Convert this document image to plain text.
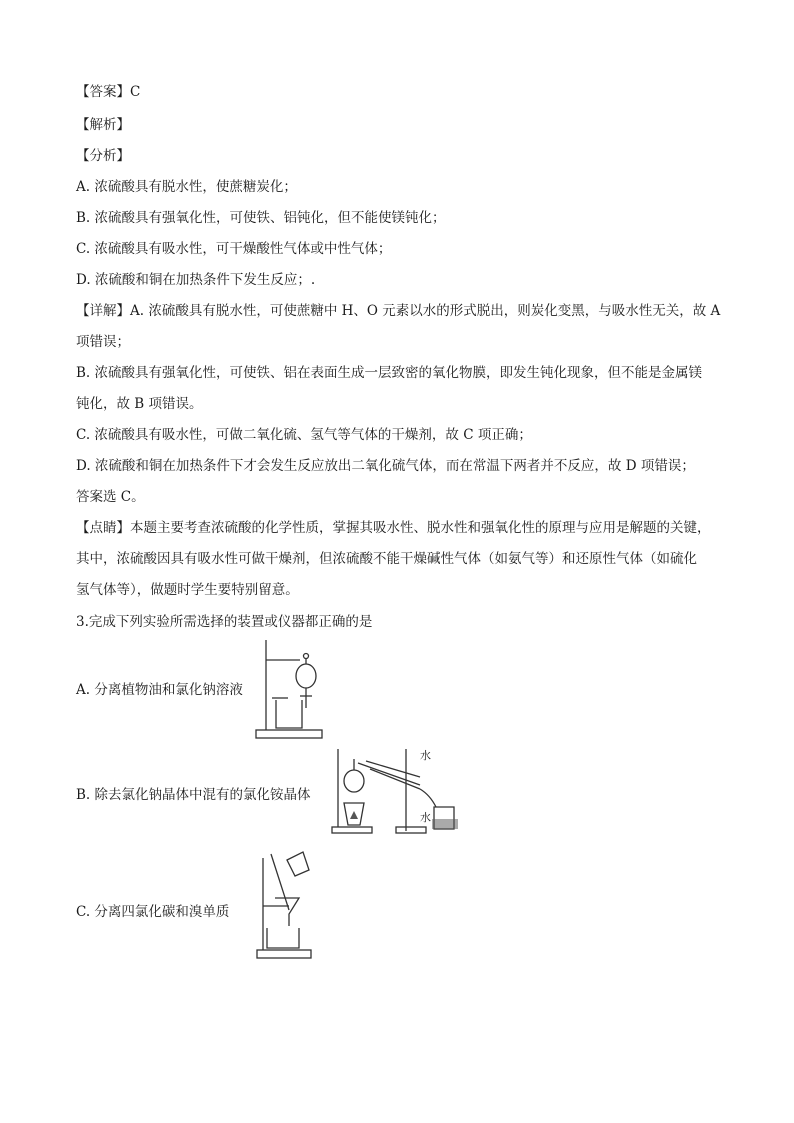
【答案】C
【解析】
【分析】
A. 浓硫酸具有脱水性，使蔗糖炭化；
B. 浓硫酸具有强氧化性，可使铁、铝钝化，但不能使镁钝化；
C. 浓硫酸具有吸水性，可干燥酸性气体或中性气体；
D. 浓硫酸和铜在加热条件下发生反应；.
【详解】A. 浓硫酸具有脱水性，可使蔗糖中 H、O 元素以水的形式脱出，则炭化变黑，与吸水性无关，故 A
项错误；
B. 浓硫酸具有强氧化性，可使铁、铝在表面生成一层致密的氧化物膜，即发生钝化现象，但不能是金属镁
钝化，故 B 项错误。
C. 浓硫酸具有吸水性，可做二氧化硫、氢气等气体的干燥剂，故 C 项正确；
D. 浓硫酸和铜在加热条件下才会发生反应放出二氧化硫气体，而在常温下两者并不反应，故 D 项错误；
答案选 C。
【点睛】本题主要考查浓硫酸的化学性质，掌握其吸水性、脱水性和强氧化性的原理与应用是解题的关键，
其中，浓硫酸因具有吸水性可做干燥剂，但浓硫酸不能干燥碱性气体（如氨气等）和还原性气体（如硫化
氢气体等），做题时学生要特别留意。
3.完成下列实验所需选择的装置或仪器都正确的是
A. 分离植物油和氯化钠溶液
B. 除去氯化钠晶体中混有的氯化铵晶体
水
水
C. 分离四氯化碳和溴单质
